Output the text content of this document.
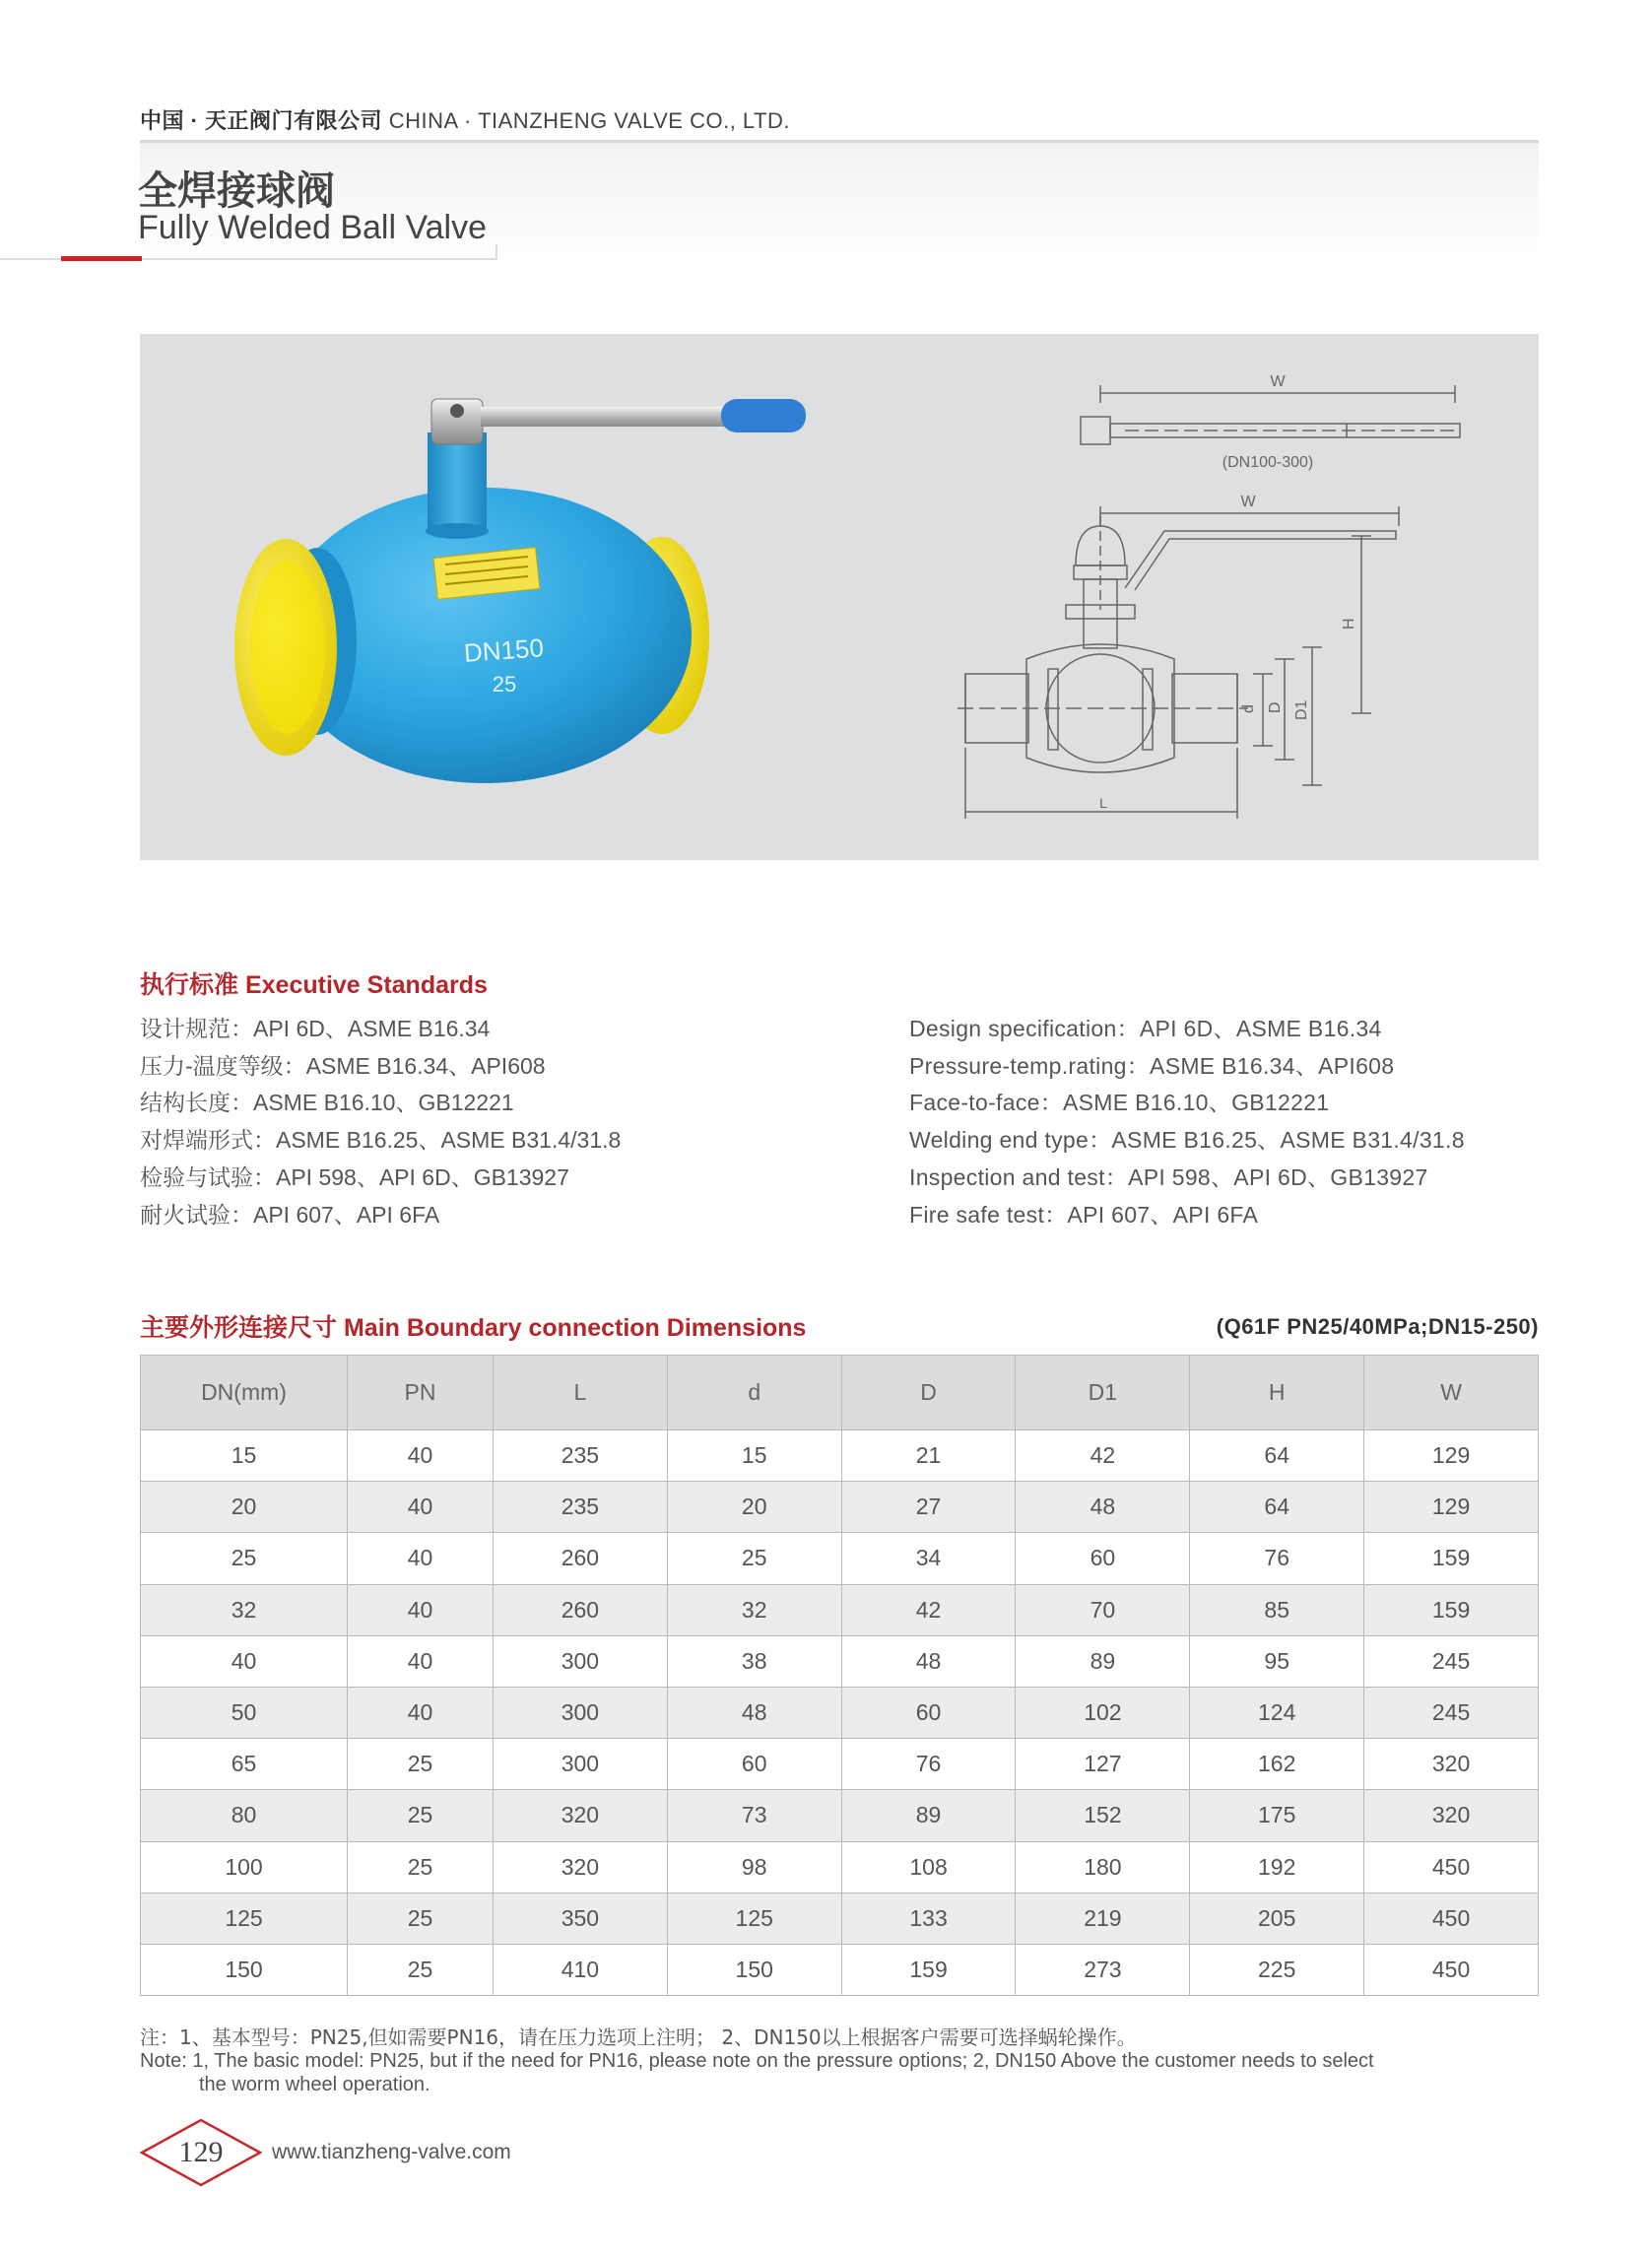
中国 · 天正阀门有限公司 CHINA · TIANZHENG VALVE CO., LTD.
全焊接球阀
Fully Welded Ball Valve
DN150
25
W
(DN100-300)
W
H
d D D1
L
执行标准 Executive Standards
设计规范：API 6D、ASME B16.34
压力-温度等级：ASME B16.34、API608
结构长度：ASME B16.10、GB12221
对焊端形式：ASME B16.25、ASME B31.4/31.8
检验与试验：API 598、API 6D、GB13927
耐火试验：API 607、API 6FA
Design specification：API 6D、ASME B16.34
Pressure-temp.rating：ASME B16.34、API608
Face-to-face：ASME B16.10、GB12221
Welding end type：ASME B16.25、ASME B31.4/31.8
Inspection and test：API 598、API 6D、GB13927
Fire safe test：API 607、API 6FA
主要外形连接尺寸 Main Boundary connection Dimensions	(Q61F PN25/40MPa;DN15-250)
DN(mm)	PN	L	d	D	D1	H	W
15	40	235	15	21	42	64	129
20	40	235	20	27	48	64	129
25	40	260	25	34	60	76	159
32	40	260	32	42	70	85	159
40	40	300	38	48	89	95	245
50	40	300	48	60	102	124	245
65	25	300	60	76	127	162	320
80	25	320	73	89	152	175	320
100	25	320	98	108	180	192	450
125	25	350	125	133	219	205	450
150	25	410	150	159	273	225	450
注：1、基本型号：PN25,但如需要PN16，请在压力选项上注明； 2、DN150以上根据客户需要可选择蜗轮操作。
Note: 1, The basic model: PN25, but if the need for PN16, please note on the pressure options; 2, DN150 Above the customer needs to select
the worm wheel operation.
129	www.tianzheng-valve.com
